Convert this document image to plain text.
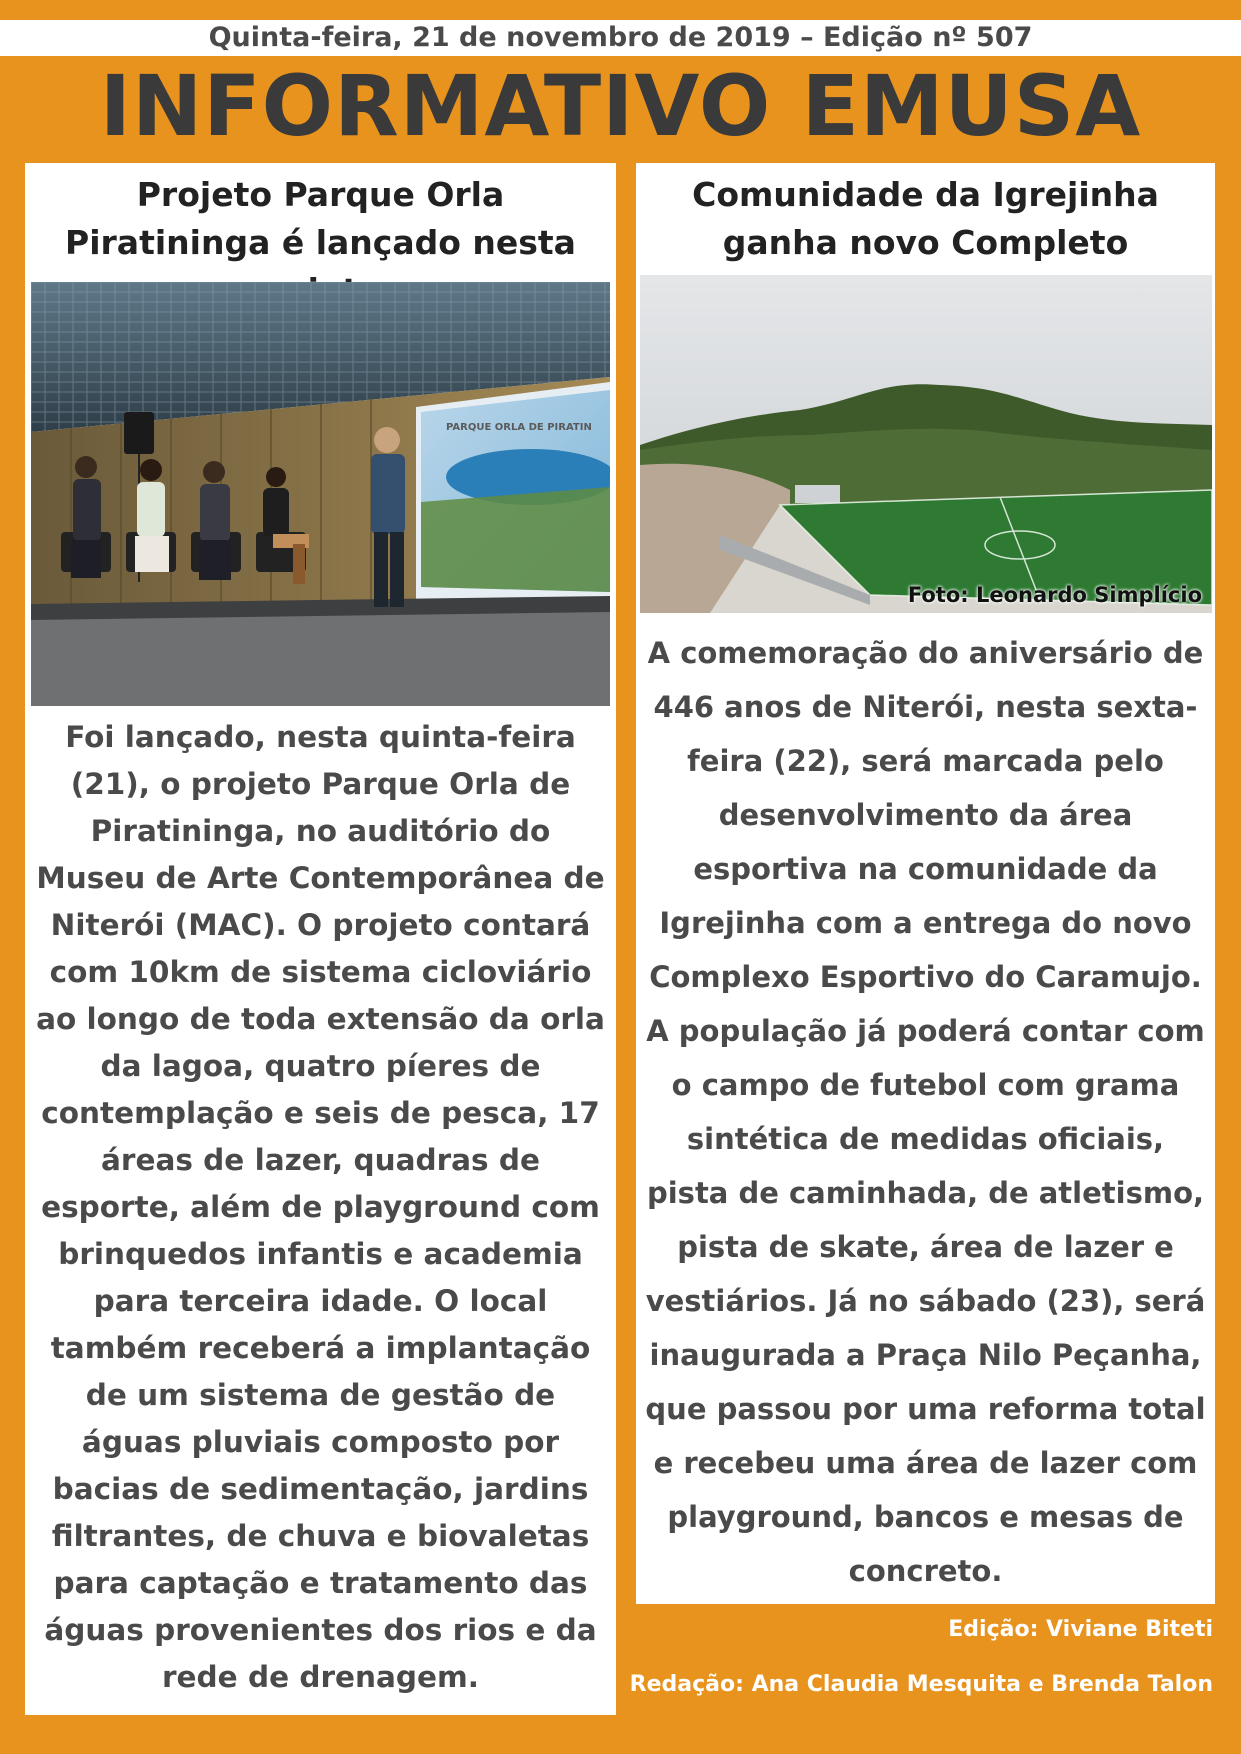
Quinta-feira, 21 de novembro de 2019 – Edição nº 507
INFORMATIVO EMUSA
Projeto Parque Orla Piratininga é lançado nesta
PARQUE ORLA DE PIRATIN

Foi lançado, nesta quinta-feira (21), o projeto Parque Orla de Piratininga, no auditório do Museu de Arte Contemporânea de Niterói (MAC). O projeto contará com 10km de sistema cicloviário ao longo de toda extensão da orla da lagoa, quatro píeres de contemplação e seis de pesca, 17 áreas de lazer, quadras de esporte, além de playground com brinquedos infantis e academia para terceira idade. O local também receberá a implantação de um sistema de gestão de águas pluviais composto por bacias de sedimentação, jardins filtrantes, de chuva e biovaletas para captação e tratamento das águas provenientes dos rios e da rede de drenagem.

Comunidade da Igrejinha ganha novo Completo
Foto: Leonardo Simplício

A comemoração do aniversário de 446 anos de Niterói, nesta sexta-feira (22), será marcada pelo desenvolvimento da área esportiva na comunidade da Igrejinha com a entrega do novo Complexo Esportivo do Caramujo. A população já poderá contar com o campo de futebol com grama sintética de medidas oficiais, pista de caminhada, de atletismo, pista de skate, área de lazer e vestiários. Já no sábado (23), será inaugurada a Praça Nilo Peçanha, que passou por uma reforma total e recebeu uma área de lazer com playground, bancos e mesas de concreto.

Edição: Viviane Biteti
Redação: Ana Claudia Mesquita e Brenda Talon
